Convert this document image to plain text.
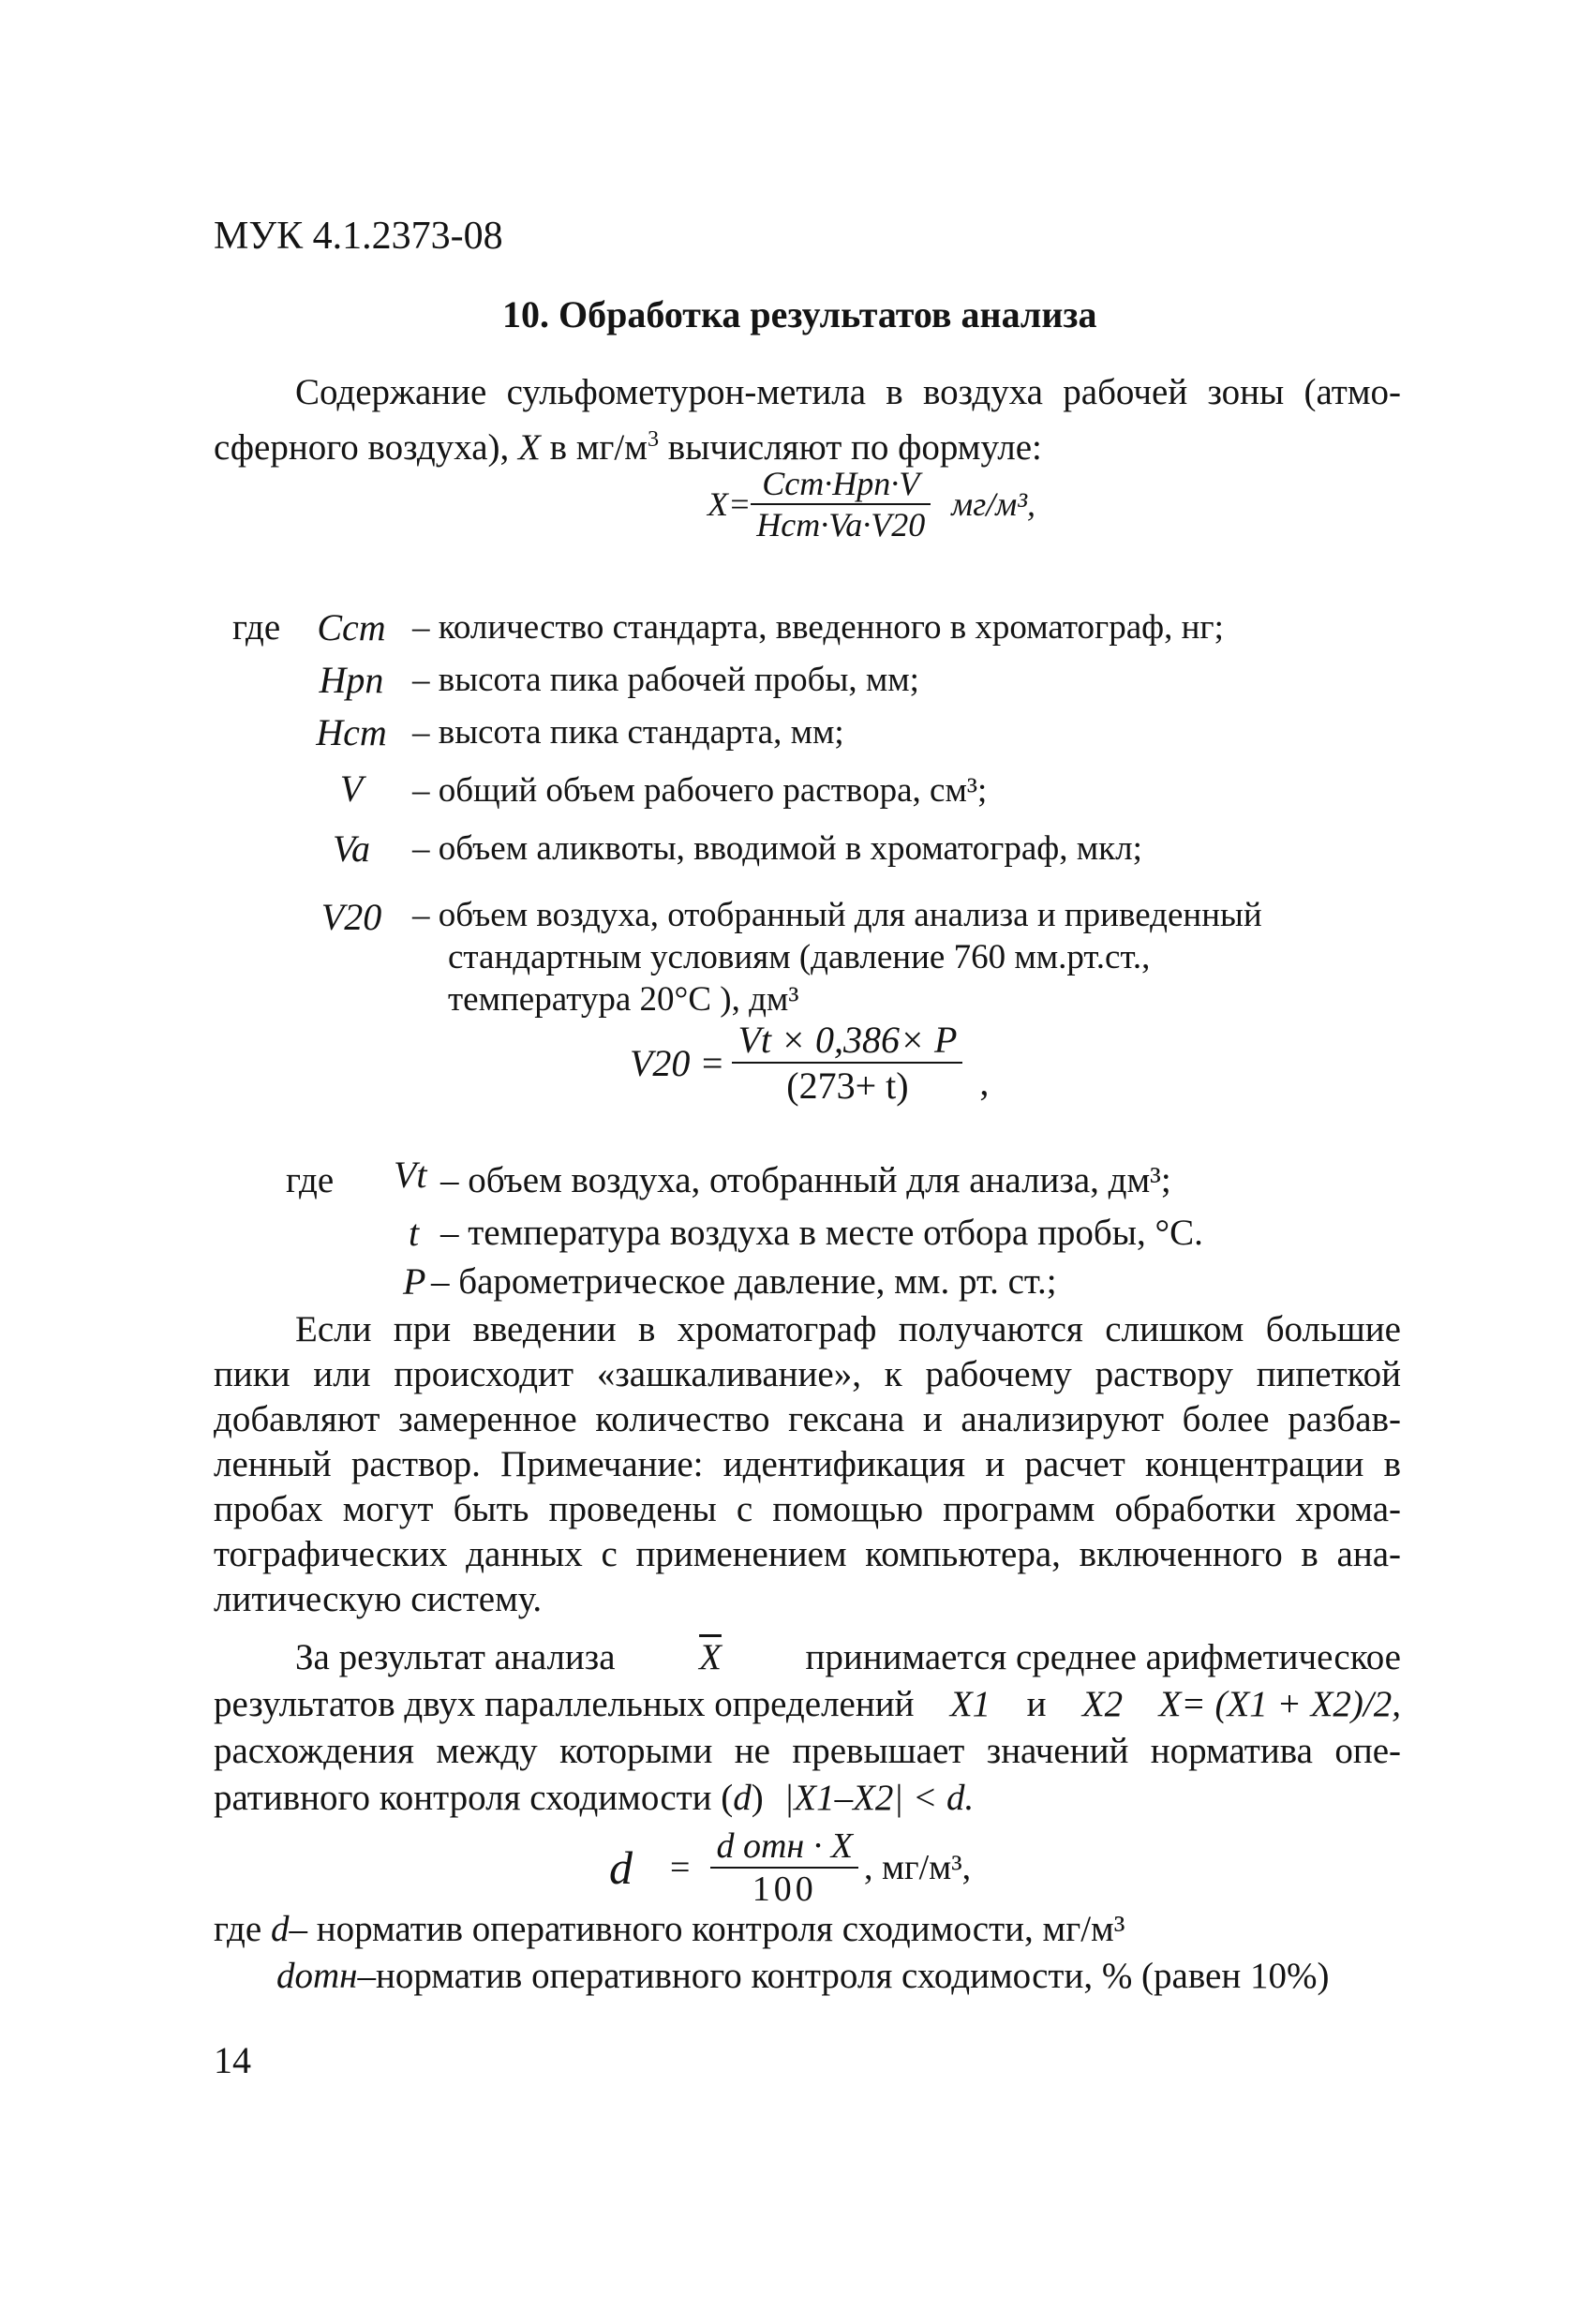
МУК 4.1.2373-08
10. Обработка результатов анализа
Содержание сульфометурон-метила в воздуха рабочей зоны (атмо-
сферного воздуха), X в $мг/м^3$ вычисляют по формуле:
$X= \frac{\text{Cст·Hpп·V}}{\text{Hст·Va·V20}} мг/м^3$,
где Cст – количество стандарта, введенного в хроматограф, нг;
Hpп – высота пика рабочей пробы, мм;
Hст – высота пика стандарта, мм;
V	– общий объем рабочего раствора, см³;
Va	– объем аликвоты, вводимой в хроматограф, мкл;
V20 – объем воздуха, отобранный для анализа и приведенный
стандартным условиям (давление 760 мм.рт.ст.,
температура 20°С ), дм³
$V20 = \frac{Vt \times 0,386\times P}{(273+ t)}$ ,
где Vt – объем воздуха, отобранный для анализа, дм³;
t – температура воздуха в месте отбора пробы, °С.
P – барометрическое давление, мм. рт. ст.;
Если при введении в хроматограф получаются слишком большие
пики или происходит «зашкаливание», к рабочему раствору пипеткой
добавляют замеренное количество гексана и анализируют более разбав-
ленный раствор. Примечание: идентификация и расчет концентрации в
пробах могут быть проведены с помощью программ обработки хрома-
тографических данных с применением компьютера, включенного в ана-
литическую систему.
За результат анализа $\overline{X}$ принимается среднее арифметическое
результатов двух параллельных определений X1 и X2 X= (X1 + X2)/2,
расхождения между которыми не превышает значений норматива опе-
ративного контроля сходимости (d) |X1–X2| < d.
$d = \frac{\text{d отн · X}}{100}$ , мг/м³,
где d– норматив оперативного контроля сходимости, мг/м³
dотн–норматив оперативного контроля сходимости, % (равен 10%)
14
